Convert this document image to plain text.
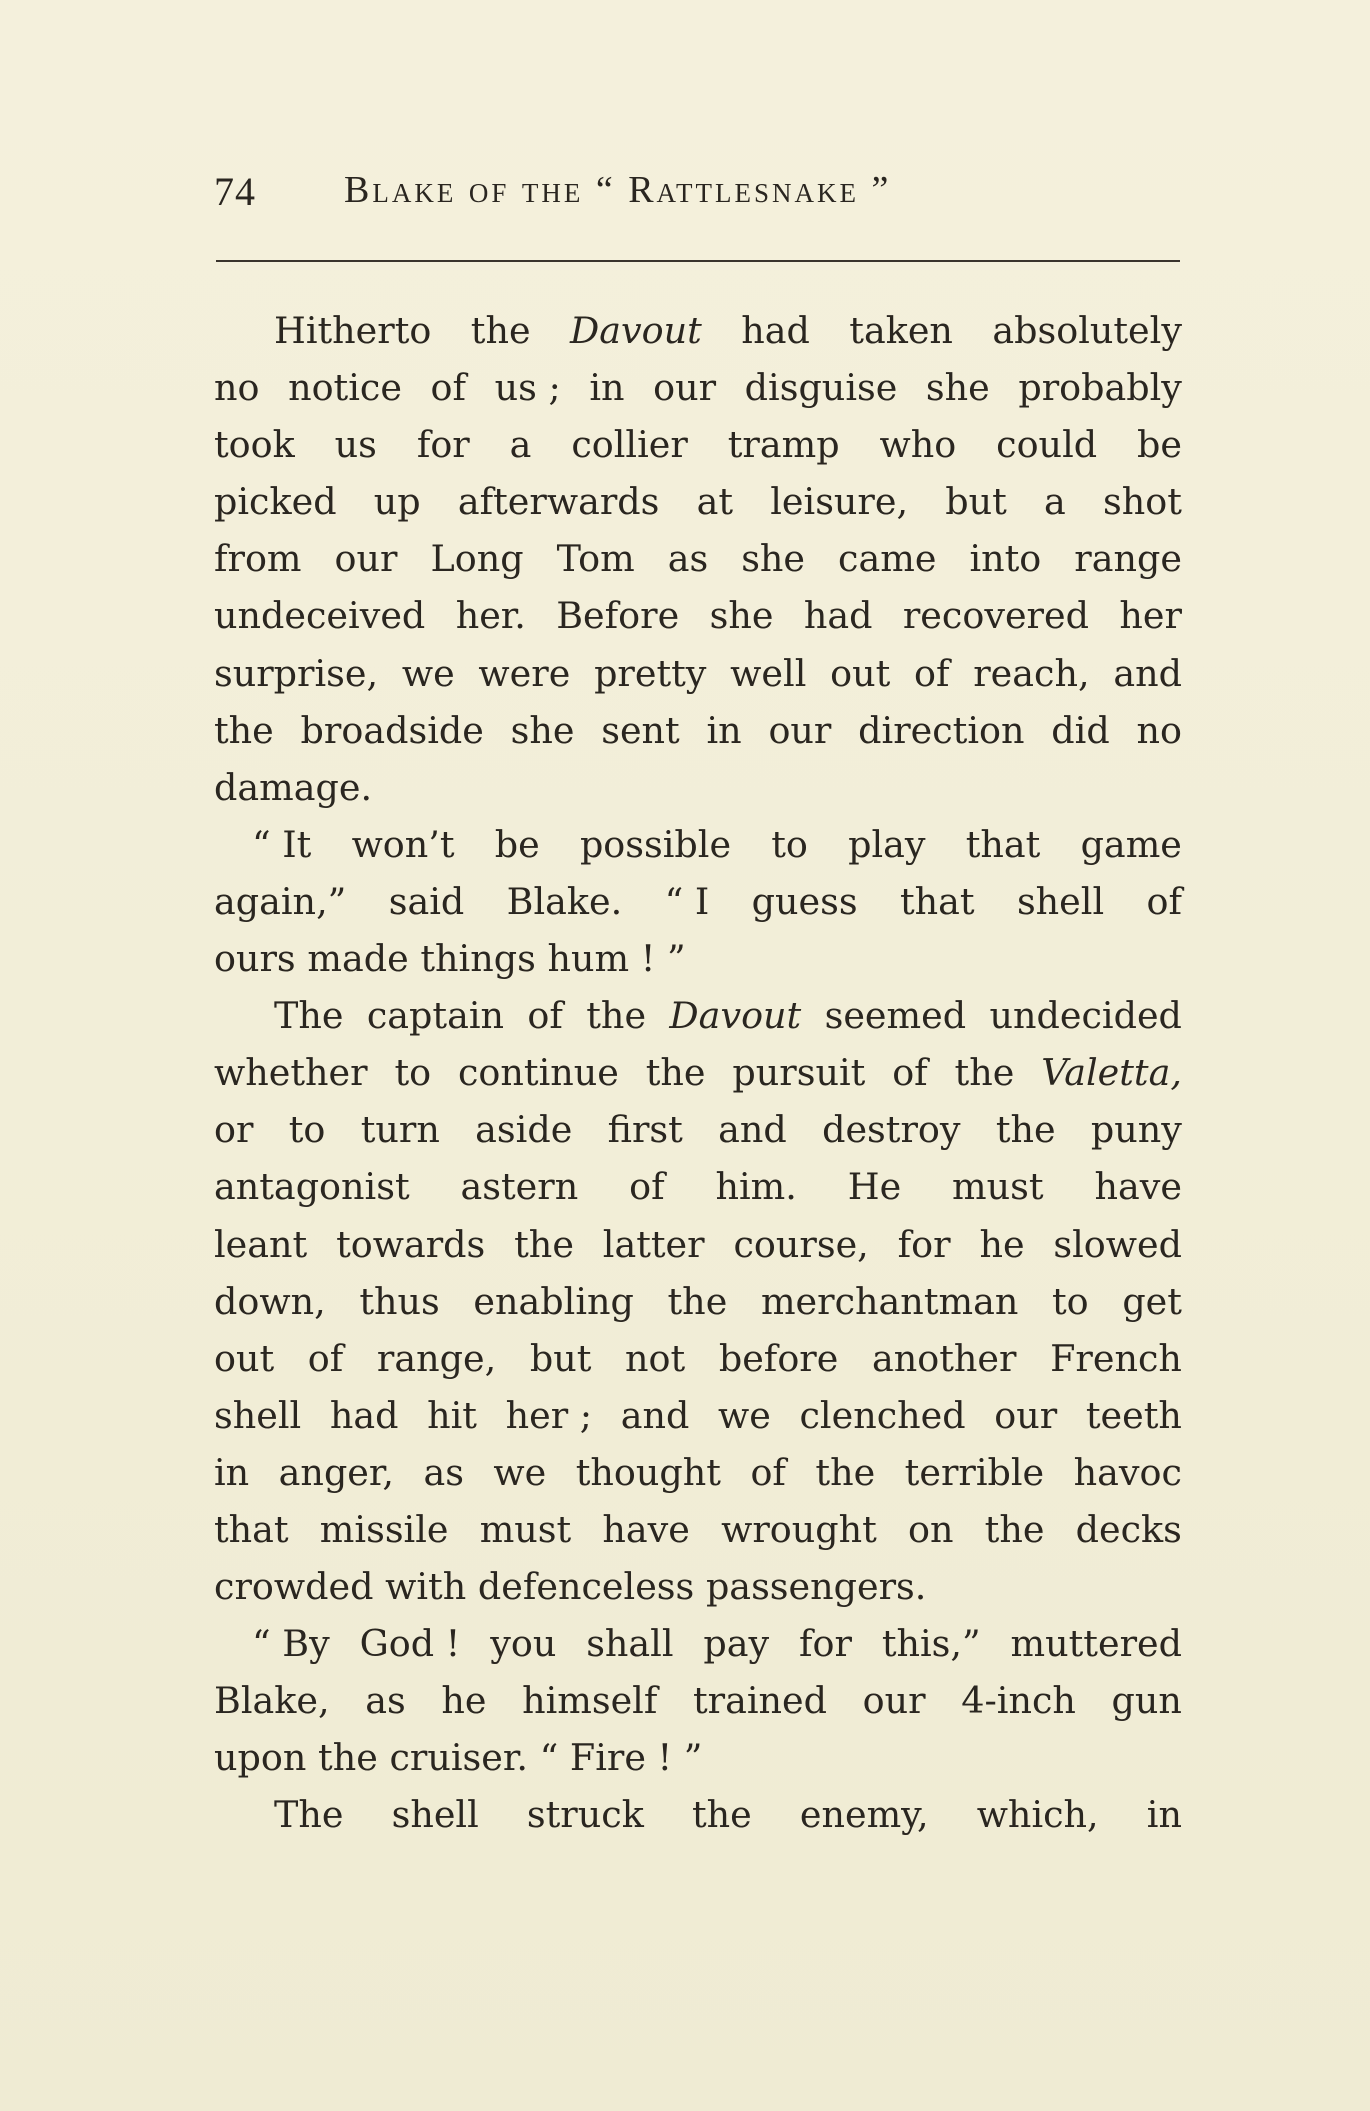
74 Blake of the “ Rattlesnake ”
Hitherto the Davout had taken absolutely
no notice of us ; in our disguise she probably
took us for a collier tramp who could be
picked up afterwards at leisure, but a shot
from our Long Tom as she came into range
undeceived her. Before she had recovered her
surprise, we were pretty well out of reach, and
the broadside she sent in our direction did no
damage.
“ It won’t be possible to play that game
again,” said Blake. “ I guess that shell of
ours made things hum ! ”
The captain of the Davout seemed undecided
whether to continue the pursuit of the Valetta,
or to turn aside first and destroy the puny
antagonist astern of him. He must have
leant towards the latter course, for he slowed
down, thus enabling the merchantman to get
out of range, but not before another French
shell had hit her ; and we clenched our teeth
in anger, as we thought of the terrible havoc
that missile must have wrought on the decks
crowded with defenceless passengers.
“ By God ! you shall pay for this,” muttered
Blake, as he himself trained our 4-inch gun
upon the cruiser. “ Fire ! ”
The shell struck the enemy, which, in
